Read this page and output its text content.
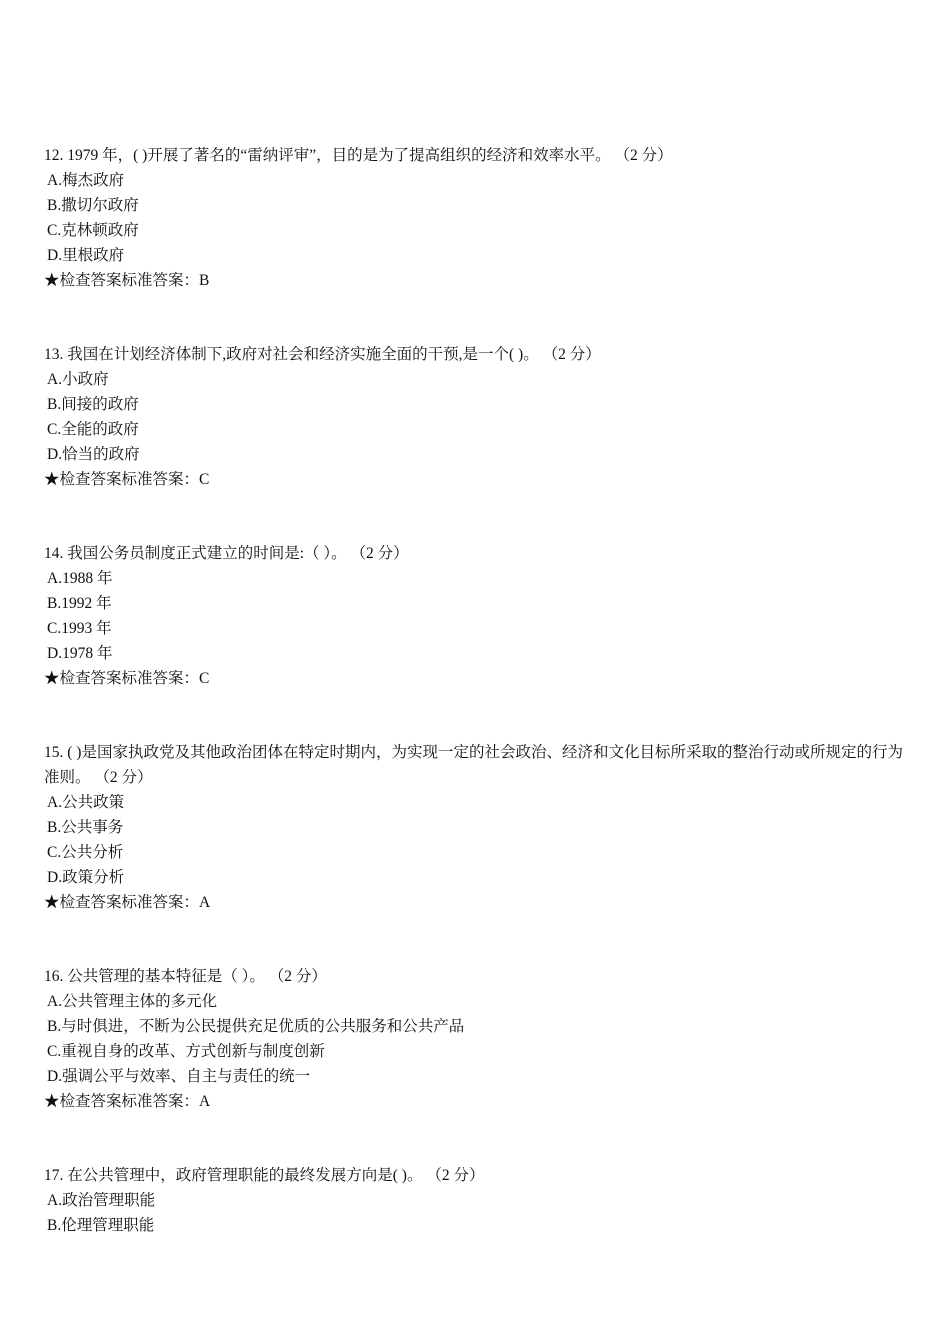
12. 1979 年，( )开展了著名的“雷纳评审”，目的是为了提高组织的经济和效率水平。 （2 分）
A.梅杰政府
B.撒切尔政府
C.克林顿政府
D.里根政府
★检查答案标准答案：B
13. 我国在计划经济体制下,政府对社会和经济实施全面的干预,是一个( )。 （2 分）
A.小政府
B.间接的政府
C.全能的政府
D.恰当的政府
★检查答案标准答案：C
14. 我国公务员制度正式建立的时间是:（ ）。 （2 分）
A.1988 年
B.1992 年
C.1993 年
D.1978 年
★检查答案标准答案：C
15. ( )是国家执政党及其他政治团体在特定时期内，为实现一定的社会政治、经济和文化目标所采取的整治行动或所规定的行为准则。 （2 分）
A.公共政策
B.公共事务
C.公共分析
D.政策分析
★检查答案标准答案：A
16. 公共管理的基本特征是（ ）。 （2 分）
A.公共管理主体的多元化
B.与时俱进，不断为公民提供充足优质的公共服务和公共产品
C.重视自身的改革、方式创新与制度创新
D.强调公平与效率、自主与责任的统一
★检查答案标准答案：A
17. 在公共管理中，政府管理职能的最终发展方向是( )。 （2 分）
A.政治管理职能
B.伦理管理职能
